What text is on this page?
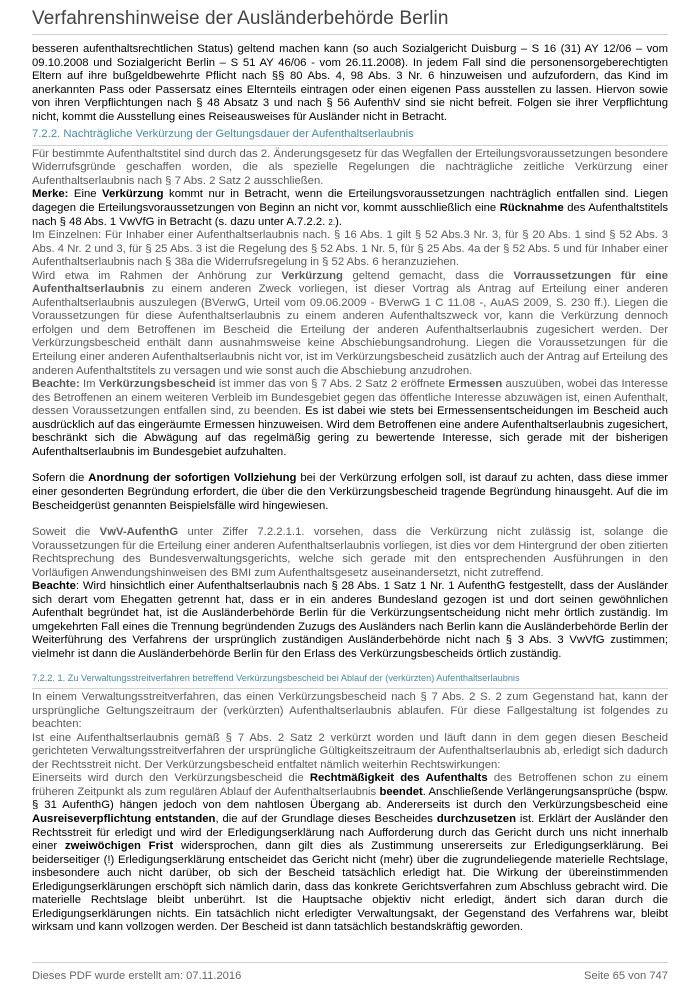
Verfahrenshinweise der Ausländerbehörde Berlin

besseren aufenthaltsrechtlichen Status) geltend machen kann (so auch Sozialgericht Duisburg – S 16 (31) AY 12/06 – vom 09.10.2008 und Sozialgericht Berlin – S 51 AY 46/06 - vom 26.11.2008). In jedem Fall sind die personensorgeberechtigten Eltern auf ihre bußgeldbewehrte Pflicht nach §§ 80 Abs. 4, 98 Abs. 3 Nr. 6 hinzuweisen und aufzufordern, das Kind im anerkannten Pass oder Passersatz eines Elternteils eintragen oder einen eigenen Pass ausstellen zu lassen. Hiervon sowie von ihren Verpflichtungen nach § 48 Absatz 3 und nach § 56 AufenthV sind sie nicht befreit. Folgen sie ihrer Verpflichtung nicht, kommt die Ausstellung eines Reiseausweises für Ausländer nicht in Betracht.

7.2.2. Nachträgliche Verkürzung der Geltungsdauer der Aufenthaltserlaubnis

Für bestimmte Aufenthaltstitel sind durch das 2. Änderungsgesetz für das Wegfallen der Erteilungsvoraussetzungen besondere Widerrufsgründe geschaffen worden, die als spezielle Regelungen die nachträgliche zeitliche Verkürzung einer Aufenthaltserlaubnis nach § 7 Abs. 2 Satz 2 ausschließen.

Merke: Eine Verkürzung kommt nur in Betracht, wenn die Erteilungsvoraussetzungen nachträglich entfallen sind. Liegen dagegen die Erteilungsvoraussetzungen von Beginn an nicht vor, kommt ausschließlich eine Rücknahme des Aufenthaltstitels nach § 48 Abs. 1 VwVfG in Betracht (s. dazu unter A.7.2.2. 2.).

Im Einzelnen: Für Inhaber einer Aufenthaltserlaubnis nach. § 16 Abs. 1 gilt § 52 Abs.3 Nr. 3, für § 20 Abs. 1 sind § 52 Abs. 3 Abs. 4 Nr. 2 und 3, für § 25 Abs. 3 ist die Regelung des § 52 Abs. 1 Nr. 5, für § 25 Abs. 4a der § 52 Abs. 5 und für Inhaber einer Aufenthaltserlaubnis nach § 38a die Widerrufsregelung in § 52 Abs. 6 heranzuziehen.

Wird etwa im Rahmen der Anhörung zur Verkürzung geltend gemacht, dass die Vorraussetzungen für eine Aufenthaltserlaubnis zu einem anderen Zweck vorliegen, ist dieser Vortrag als Antrag auf Erteilung einer anderen Aufenthaltserlaubnis auszulegen (BVerwG, Urteil vom 09.06.2009 - BVerwG 1 C 11.08 -, AuAS 2009, S. 230 ff.). Liegen die Voraussetzungen für diese Aufenthaltserlaubnis zu einem anderen Aufenthaltszweck vor, kann die Verkürzung dennoch erfolgen und dem Betroffenen im Bescheid die Erteilung der anderen Aufenthaltserlaubnis zugesichert werden. Der Verkürzungsbescheid enthält dann ausnahmsweise keine Abschiebungsandrohung. Liegen die Voraussetzungen für die Erteilung einer anderen Aufenthaltserlaubnis nicht vor, ist im Verkürzungsbescheid zusätzlich auch der Antrag auf Erteilung des anderen Aufenthaltstitels zu versagen und wie sonst auch die Abschiebung anzudrohen.

Beachte: Im Verkürzungsbescheid ist immer das von § 7 Abs. 2 Satz 2 eröffnete Ermessen auszuüben, wobei das Interesse des Betroffenen an einem weiteren Verbleib im Bundesgebiet gegen das öffentliche Interesse abzuwägen ist, einen Aufenthalt, dessen Voraussetzungen entfallen sind, zu beenden. Es ist dabei wie stets bei Ermessensentscheidungen im Bescheid auch ausdrücklich auf das eingeräumte Ermessen hinzuweisen. Wird dem Betroffenen eine andere Aufenthaltserlaubnis zugesichert, beschränkt sich die Abwägung auf das regelmäßig gering zu bewertende Interesse, sich gerade mit der bisherigen Aufenthaltserlaubnis im Bundesgebiet aufzuhalten.

Sofern die Anordnung der sofortigen Vollziehung bei der Verkürzung erfolgen soll, ist darauf zu achten, dass diese immer einer gesonderten Begründung erfordert, die über die den Verkürzungsbescheid tragende Begründung hinausgeht. Auf die im Bescheidgerüst genannten Beispielsfälle wird hingewiesen.

Soweit die VwV-AufenthG unter Ziffer 7.2.2.1.1. vorsehen, dass die Verkürzung nicht zulässig ist, solange die Voraussetzungen für die Erteilung einer anderen Aufenthaltserlaubnis vorliegen, ist dies vor dem Hintergrund der oben zitierten Rechtsprechung des Bundesverwaltungsgerichts, welche sich gerade mit den entsprechenden Ausführungen in den Vorläufigen Anwendungshinweisen des BMI zum Aufenthaltsgesetz auseinandersetzt, nicht zutreffend.

Beachte: Wird hinsichtlich einer Aufenthaltserlaubnis nach § 28 Abs. 1 Satz 1 Nr. 1 AufenthG festgestellt, dass der Ausländer sich derart vom Ehegatten getrennt hat, dass er in ein anderes Bundesland gezogen ist und dort seinen gewöhnlichen Aufenthalt begründet hat, ist die Ausländerbehörde Berlin für die Verkürzungsentscheidung nicht mehr örtlich zuständig. Im umgekehrten Fall eines die Trennung begründenden Zuzugs des Ausländers nach Berlin kann die Ausländerbehörde Berlin der Weiterführung des Verfahrens der ursprünglich zuständigen Ausländerbehörde nicht nach § 3 Abs. 3 VwVfG zustimmen; vielmehr ist dann die Ausländerbehörde Berlin für den Erlass des Verkürzungsbescheids örtlich zuständig.

7.2.2. 1. Zu Verwaltungsstreitverfahren betreffend Verkürzungsbescheid bei Ablauf der (verkürzten) Aufenthaltserlaubnis

In einem Verwaltungsstreitverfahren, das einen Verkürzungsbescheid nach § 7 Abs. 2 S. 2 zum Gegenstand hat, kann der ursprüngliche Geltungszeitraum der (verkürzten) Aufenthaltserlaubnis ablaufen. Für diese Fallgestaltung ist folgendes zu beachten:

Ist eine Aufenthaltserlaubnis gemäß § 7 Abs. 2 Satz 2 verkürzt worden und läuft dann in dem gegen diesen Bescheid gerichteten Verwaltungsstreitverfahren der ursprüngliche Gültigkeitszeitraum der Aufenthaltserlaubnis ab, erledigt sich dadurch der Rechtsstreit nicht. Der Verkürzungsbescheid entfaltet nämlich weiterhin Rechtswirkungen:

Einerseits wird durch den Verkürzungsbescheid die Rechtmäßigkeit des Aufenthalts des Betroffenen schon zu einem früheren Zeitpunkt als zum regulären Ablauf der Aufenthaltserlaubnis beendet. Anschließende Verlängerungsansprüche (bspw. § 31 AufenthG) hängen jedoch von dem nahtlosen Übergang ab. Andererseits ist durch den Verkürzungsbescheid eine Ausreiseverpflichtung entstanden, die auf der Grundlage dieses Bescheides durchzusetzen ist. Erklärt der Ausländer den Rechtsstreit für erledigt und wird der Erledigungserklärung nach Aufforderung durch das Gericht durch uns nicht innerhalb einer zweiwöchigen Frist widersprochen, dann gilt dies als Zustimmung unsererseits zur Erledigungserklärung. Bei beiderseitiger (!) Erledigungserklärung entscheidet das Gericht nicht (mehr) über die zugrundeliegende materielle Rechtslage, insbesondere auch nicht darüber, ob sich der Bescheid tatsächlich erledigt hat. Die Wirkung der übereinstimmenden Erledigungserklärungen erschöpft sich nämlich darin, dass das konkrete Gerichtsverfahren zum Abschluss gebracht wird. Die materielle Rechtslage bleibt unberührt. Ist die Hauptsache objektiv nicht erledigt, ändert sich daran durch die Erledigungserklärungen nichts. Ein tatsächlich nicht erledigter Verwaltungsakt, der Gegenstand des Verfahrens war, bleibt wirksam und kann vollzogen werden. Der Bescheid ist dann tatsächlich bestandskräftig geworden.

Dieses PDF wurde erstellt am: 07.11.2016	Seite 65 von 747
